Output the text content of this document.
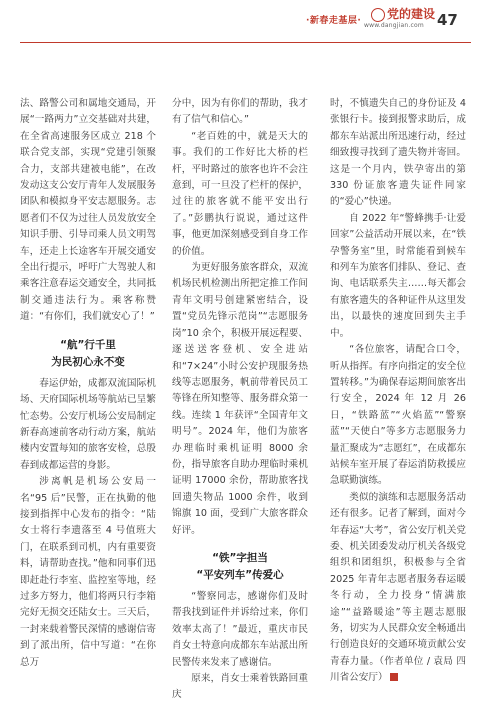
·新春走基层·	党的建设
www.dangjian.com 47

法、路警公司和属地交通局，开展“一路两力”立交基础对共建，在全省高速服务区成立 218 个联合党支部，实现“党建引领聚合力，支部共建被电能”，在改发动这支公安厅青年人发展服务团队和模拟身平安志愿服务。志愿者们不仅为过往人员发放安全知识手册、引导司乘人员文明驾车，还走上长途客车开展交通安全出行提示，呼吁广大驾驶人和乘客注意春运交通安全，共同抵制交通违法行为。乘客称赞道：“有你们，我们就安心了！”

“航”行千里
为民初心永不变

春运伊始，成都双流国际机场、天府国际机场等航站已呈繁忙态势。公安厅机场公安局制定新春高速前客动行动方案，航站楼内安置每知的旅客安检，总殷春到成都运营的身影。

涉离帆是机场公安局一名“95 后”民警，正在执勤的他接到指挥中心发布的指令：“陆女士将行李遗落至 4 号值班大门，在联系到司机，内有重要资料，请帮助查找。”他和同事们迅即赶赴行李室、监控室等地，经过多方努力，他们将两只行李箱完好无损交还陆女士。三天后，一封来载着警民深情的感谢信寄到了派出所，信中写道：“在你总万

分中，因为有你们的帮助，我才有了信气和信心。”

“老百姓的中，就是天大的事。我们的工作好比大桥的栏杆，平时路过的旅客也许不会注意到，可一旦没了栏杆的保护，过往的旅客就不能平安出行了。”彭鹏执行说说，通过这件事，他更加深刻感受到自身工作的价值。

为更好服务旅客群众，双流机场民机检测出所把定推工作间青年文明号创建紧密结合，设置“党员先锋示范岗”“志愿服务岗”10 余个，积极开展远程要、逐送送客登机、安全进站和“7×24”小时公安护现服务热线等志愿服务，帆前带着民员工等锋在所知整等、服务群众第一线。连续 1 年获评“全国青年文明号”。2024 年，他们为旅客办理临时乘机证明 8000 余份，指导旅客自助办理临时乘机证明 17000 余份，帮助旅客找回遗失物品 1000 余件，收到锦旗 10 面，受到广大旅客群众好评。

“铁”字担当
“平安列车”传爱心

“警察同志，感谢你们及时帮我找到证件并诉给过来，你们效率太高了！”最近，重庆市民肖女士特意向成都东车站派出所民警传来发来了感谢信。

原来，肖女士乘着铁路回重庆

时，不慎遗失自己的身份证及 4 张银行卡。接到报警求助后，成都东车站派出所迅速行动，经过细致搜寻找到了遗失物并寄回。这是一个月内，铁孕寄出的第 330 份证旅客遗失证件同家的“爱心”快递。

自 2022 年“警蜂携手·让爱回家”公益活动开展以来，在“铁孕警务室”里，时常能看到候车和列车为旅客们排队、登记、查询、电话联系失主……每天都会有旅客遗失的各种证件从这里发出，以最快的速度回到失主手中。

“各位旅客，请配合口令，听从指挥。有序向指定的安全位置转移。”为确保春运期间旅客出行安全，2024 年 12 月 26 日，“铁路蓝”“火焰蓝”“警察蓝”“天使白”等多方志愿服务力量汇聚成为“志愿红”，在成都东站候车室开展了春运消防救援应急联勤演练。

类似的演练和志愿服务活动还有很多。记者了解到，面对今年春运“大考”，省公安厅机关党委、机关团委发动厅机关各级党组织和团组织，积极参与全省 2025 年青年志愿者服务春运暖冬行动，全力投身“情满旅途”“益路暖途”等主题志愿服务，切实为人民群众安全畅通出行创造良好的交通环境贡献公安青春力量。（作者单位 / 袁局 四川省公安厅）
